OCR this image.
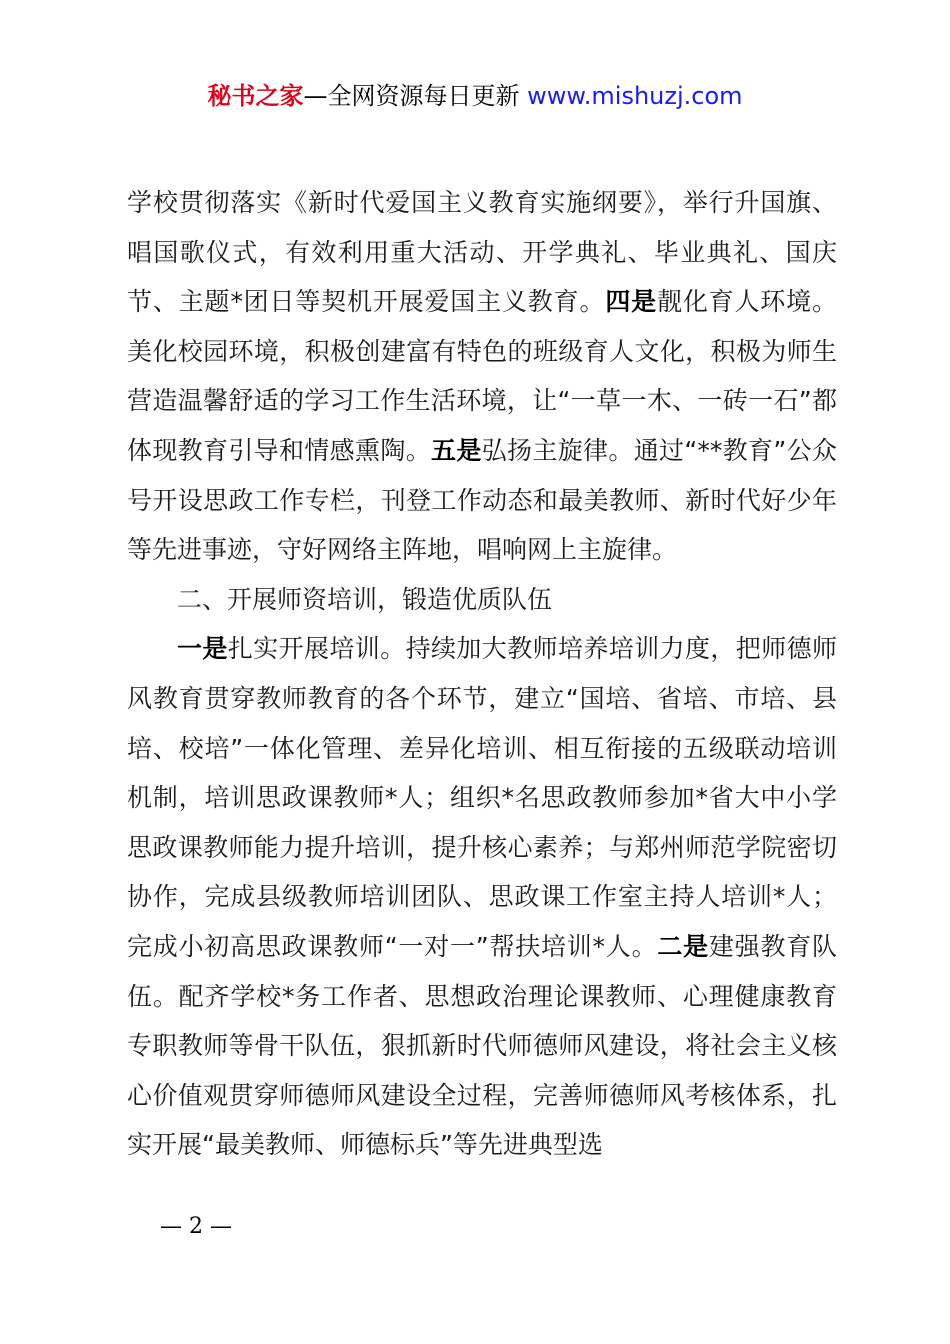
秘书之家—全网资源每日更新 www.mishuzj.com

学校贯彻落实《新时代爱国主义教育实施纲要》，举行升国旗、唱国歌仪式，有效利用重大活动、开学典礼、毕业典礼、国庆节、主题*团日等契机开展爱国主义教育。四是靓化育人环境。美化校园环境，积极创建富有特色的班级育人文化，积极为师生营造温馨舒适的学习工作生活环境，让“一草一木、一砖一石”都体现教育引导和情感熏陶。五是弘扬主旋律。通过“**教育”公众号开设思政工作专栏，刊登工作动态和最美教师、新时代好少年等先进事迹，守好网络主阵地，唱响网上主旋律。

二、开展师资培训，锻造优质队伍

一是扎实开展培训。持续加大教师培养培训力度，把师德师风教育贯穿教师教育的各个环节，建立“国培、省培、市培、县培、校培”一体化管理、差异化培训、相互衔接的五级联动培训机制，培训思政课教师*人；组织*名思政教师参加*省大中小学思政课教师能力提升培训，提升核心素养；与郑州师范学院密切协作，完成县级教师培训团队、思政课工作室主持人培训*人；完成小初高思政课教师“一对一”帮扶培训*人。二是建强教育队伍。配齐学校*务工作者、思想政治理论课教师、心理健康教育专职教师等骨干队伍，狠抓新时代师德师风建设，将社会主义核心价值观贯穿师德师风建设全过程，完善师德师风考核体系，扎实开展“最美教师、师德标兵”等先进典型选

— 2 —
